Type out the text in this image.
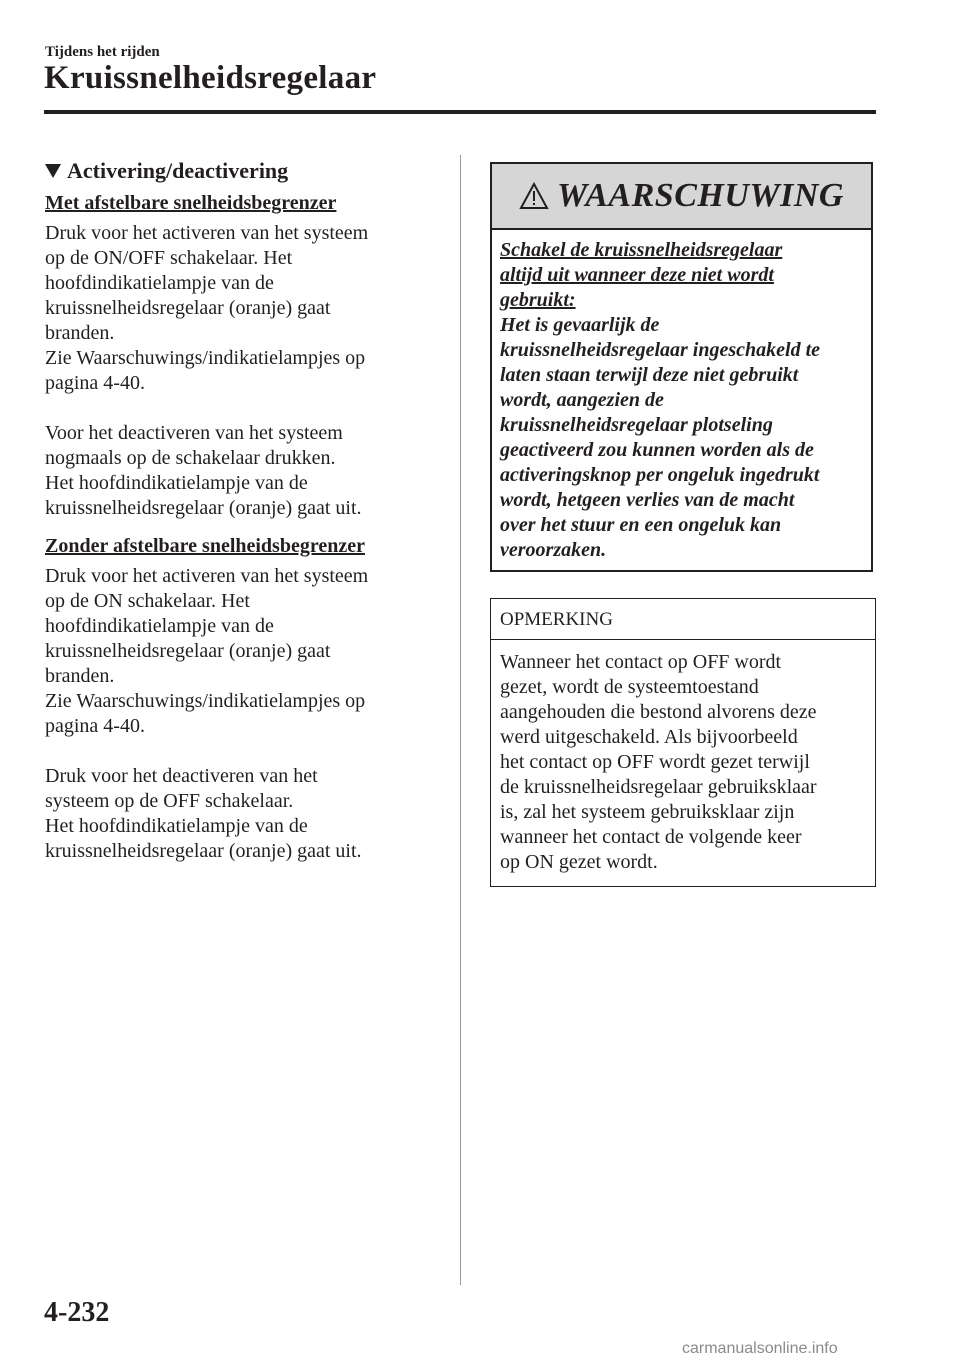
Tijdens het rijden
Kruissnelheidsregelaar
Activering/deactivering
Met afstelbare snelheidsbegrenzer

Druk voor het activeren van het systeem

op de ON/OFF schakelaar. Het

hoofdindikatielampje van de

kruissnelheidsregelaar (oranje) gaat

branden.

Zie Waarschuwings/indikatielampjes op

pagina 4-40.

Voor het deactiveren van het systeem

nogmaals op de schakelaar drukken.

Het hoofdindikatielampje van de

kruissnelheidsregelaar (oranje) gaat uit.

Zonder afstelbare snelheidsbegrenzer

Druk voor het activeren van het systeem

op de ON schakelaar. Het

hoofdindikatielampje van de

kruissnelheidsregelaar (oranje) gaat

branden.

Zie Waarschuwings/indikatielampjes op

pagina 4-40.

Druk voor het deactiveren van het

systeem op de OFF schakelaar.

Het hoofdindikatielampje van de

kruissnelheidsregelaar (oranje) gaat uit.

WAARSCHUWING
Schakel de kruissnelheidsregelaar
altijd uit wanneer deze niet wordt
gebruikt:
Het is gevaarlijk de
kruissnelheidsregelaar ingeschakeld te
laten staan terwijl deze niet gebruikt
wordt, aangezien de
kruissnelheidsregelaar plotseling
geactiveerd zou kunnen worden als de
activeringsknop per ongeluk ingedrukt
wordt, hetgeen verlies van de macht
over het stuur en een ongeluk kan
veroorzaken.
OPMERKING
Wanneer het contact op OFF wordt
gezet, wordt de systeemtoestand
aangehouden die bestond alvorens deze
werd uitgeschakeld. Als bijvoorbeeld
het contact op OFF wordt gezet terwijl
de kruissnelheidsregelaar gebruiksklaar
is, zal het systeem gebruiksklaar zijn
wanneer het contact de volgende keer
op ON gezet wordt.
4-232
carmanualsonline.info
